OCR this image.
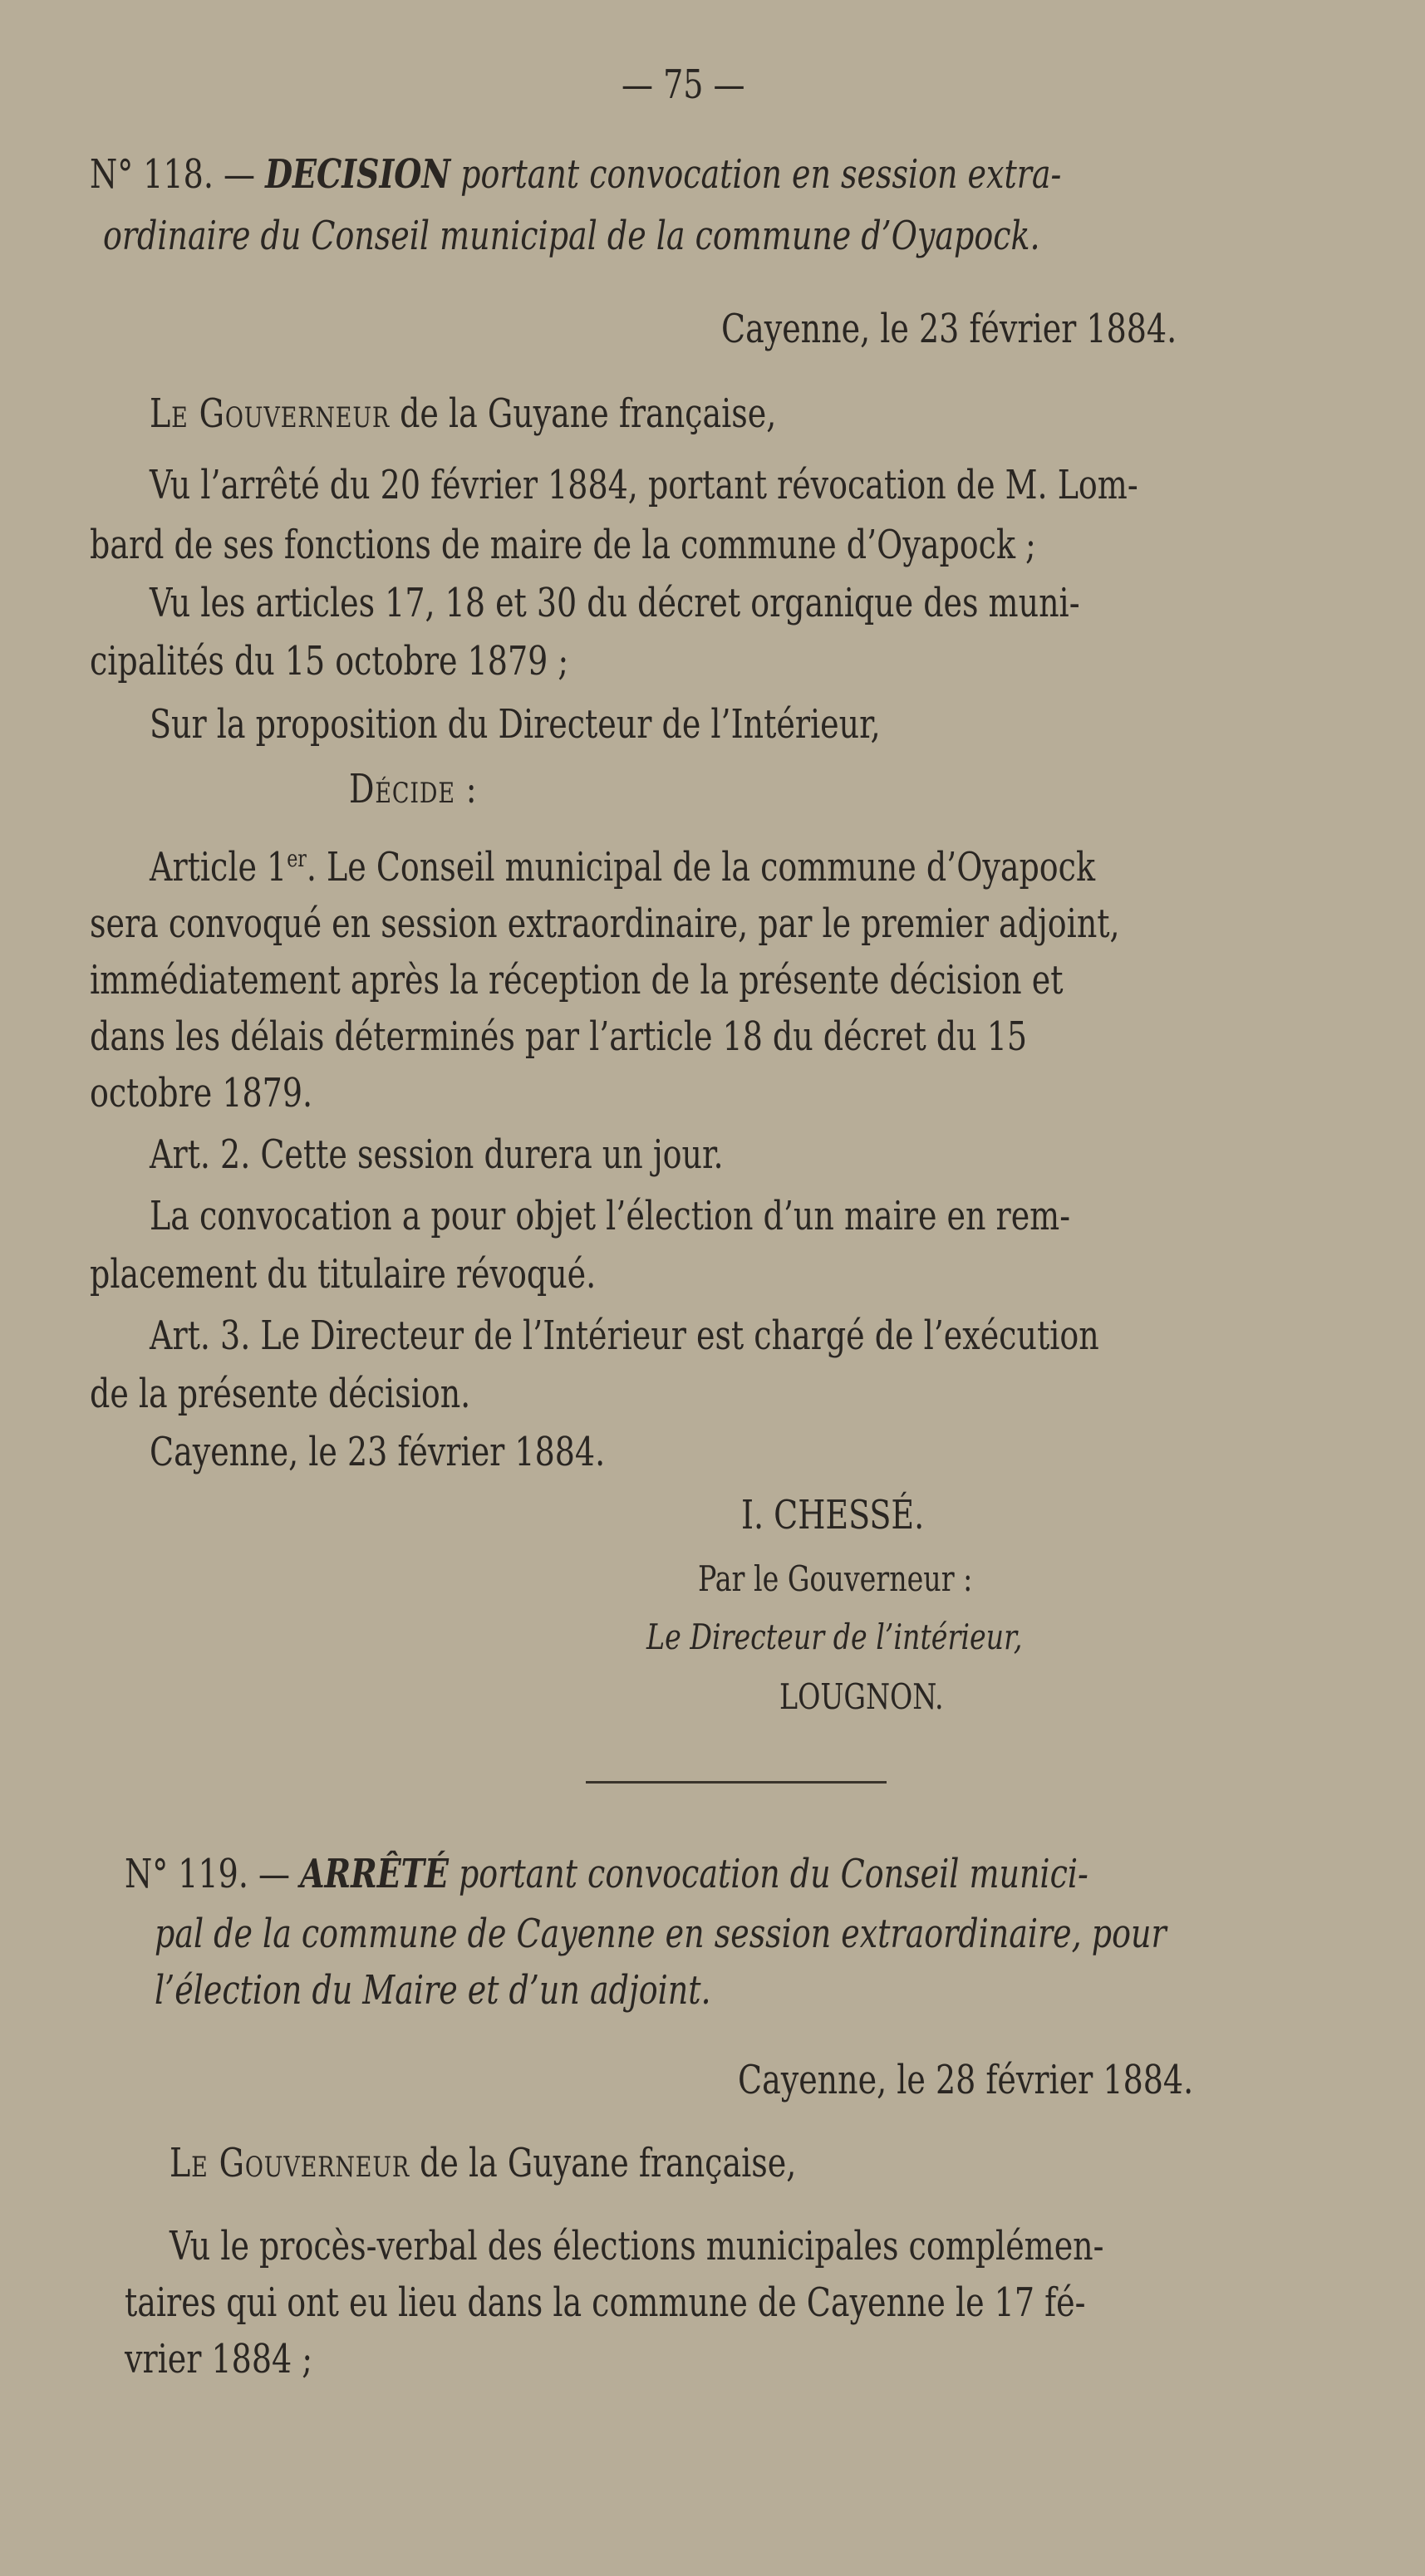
— 75 —
N° 118. — DECISION portant convocation en session extra-
ordinaire du Conseil municipal de la commune d’Oyapock.
Cayenne, le 23 février 1884.
Le Gouverneur de la Guyane française,
Vu l’arrêté du 20 février 1884, portant révocation de M. Lom-
bard de ses fonctions de maire de la commune d’Oyapock ;
Vu les articles 17, 18 et 30 du décret organique des muni-
cipalités du 15 octobre 1879 ;
Sur la proposition du Directeur de l’Intérieur,
Décide :
Article 1er. Le Conseil municipal de la commune d’Oyapock
sera convoqué en session extraordinaire, par le premier adjoint,
immédiatement après la réception de la présente décision et
dans les délais déterminés par l’article 18 du décret du 15
octobre 1879.
Art. 2. Cette session durera un jour.
La convocation a pour objet l’élection d’un maire en rem-
placement du titulaire révoqué.
Art. 3. Le Directeur de l’Intérieur est chargé de l’exécution
de la présente décision.
Cayenne, le 23 février 1884.
I. CHESSÉ.
Par le Gouverneur :
Le Directeur de l’intérieur,
LOUGNON.
N° 119. — ARRÊTÉ portant convocation du Conseil munici-
pal de la commune de Cayenne en session extraordinaire, pour
l’élection du Maire et d’un adjoint.
Cayenne, le 28 février 1884.
Le Gouverneur de la Guyane française,
Vu le procès-verbal des élections municipales complémen-
taires qui ont eu lieu dans la commune de Cayenne le 17 fé-
vrier 1884 ;
